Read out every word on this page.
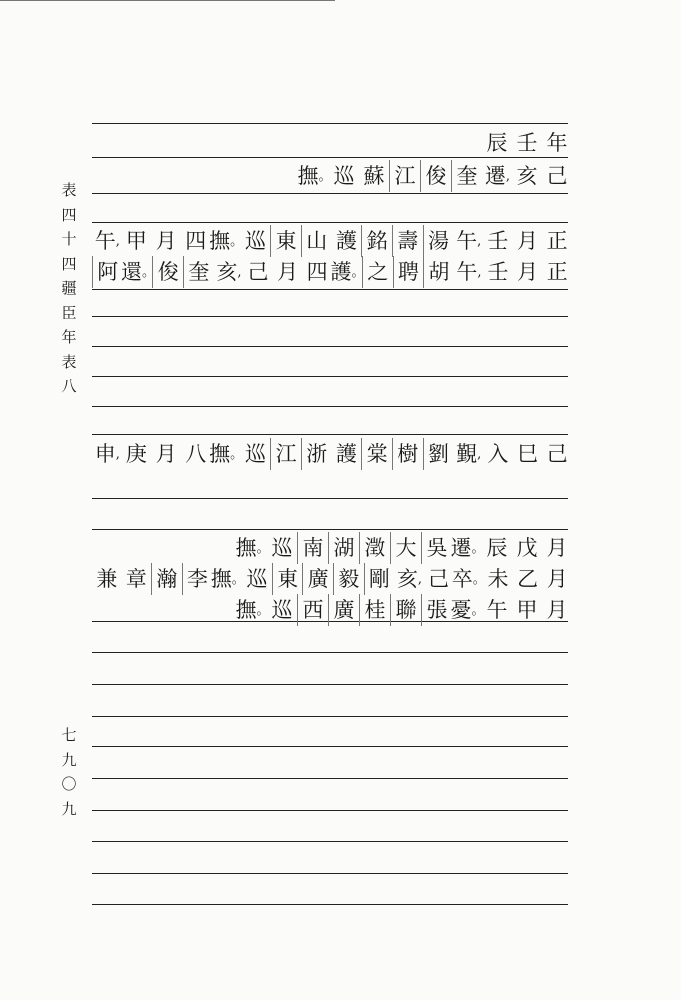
表
四
十
四
疆
臣
年
表
八
七
九
〇
九
辰 壬 年
撫 。 巡 蘇 江 俊 奎 遷 , 亥 己
午 , 甲 月 四 撫 。 巡 東 山 護 銘 壽 湯 午 , 壬 月 正
阿 還 。 俊 奎 亥 , 己 月 四 護 。 之 聘 胡 午 , 壬 月 正
申 , 庚 月 八 撫 。 巡 江 浙 護 棠 樹 劉 覲 , 入 巳 己
撫 。 巡 南 湖 澂 大 吳 遷 。 辰 戊 月
兼 章 瀚 李 撫 。 巡 東 廣 毅 剛 亥 , 己 卒 。 未 乙 月
撫 。 巡 西 廣 桂 聯 張 憂 。 午 甲 月
